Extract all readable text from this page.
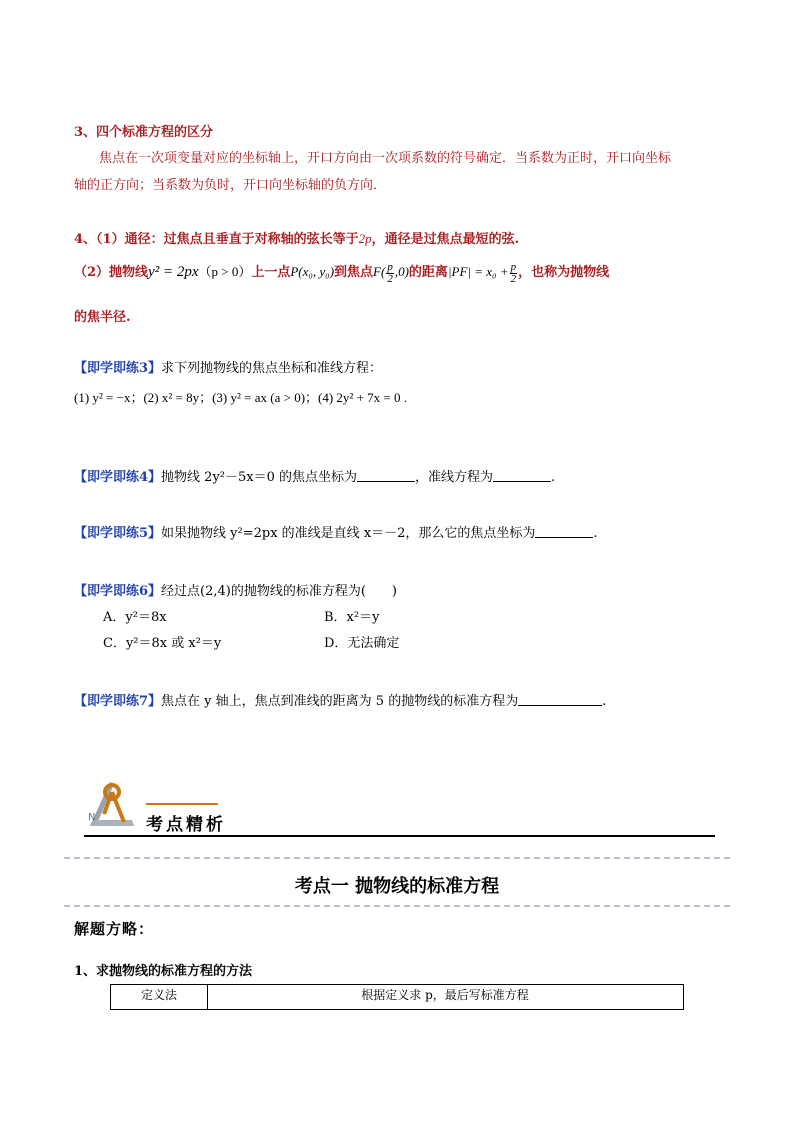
3、四个标准方程的区分
焦点在一次项变量对应的坐标轴上，开口方向由一次项系数的符号确定．当系数为正时，开口向坐标
轴的正方向；当系数为负时，开口向坐标轴的负方向．
4、（1）通径：过焦点且垂直于对称轴的弦长等于2p，通径是过焦点最短的弦.
（2）抛物线y² = 2px（p > 0）上一点P(x₀, y₀)到焦点$F( \frac{p}{2} ,0)$的距离$|PF| = x_0 + \frac{p}{2}$ ，也称为抛物线
的焦半径.
【即学即练3】求下列抛物线的焦点坐标和准线方程：
(1) y² = −x；(2) x² = 8y；(3) y² = ax (a > 0)；(4) 2y² + 7x = 0 .
【即学即练4】抛物线 2y²－5x＝0 的焦点坐标为	，准线方程为	.
【即学即练5】如果抛物线 y²=2px 的准线是直线 x＝－2，那么它的焦点坐标为	.
【即学即练6】经过点(2,4)的抛物线的标准方程为(　　)
A．y²＝8x	B．x²＝y
C．y²＝8x 或 x²＝y	D．无法确定
【即学即练7】焦点在 y 轴上，焦点到准线的距离为 5 的抛物线的标准方程为	.
N	考点精析
考点一 抛物线的标准方程
解题方略：
1、求抛物线的标准方程的方法
定义法	根据定义求 p，最后写标准方程
